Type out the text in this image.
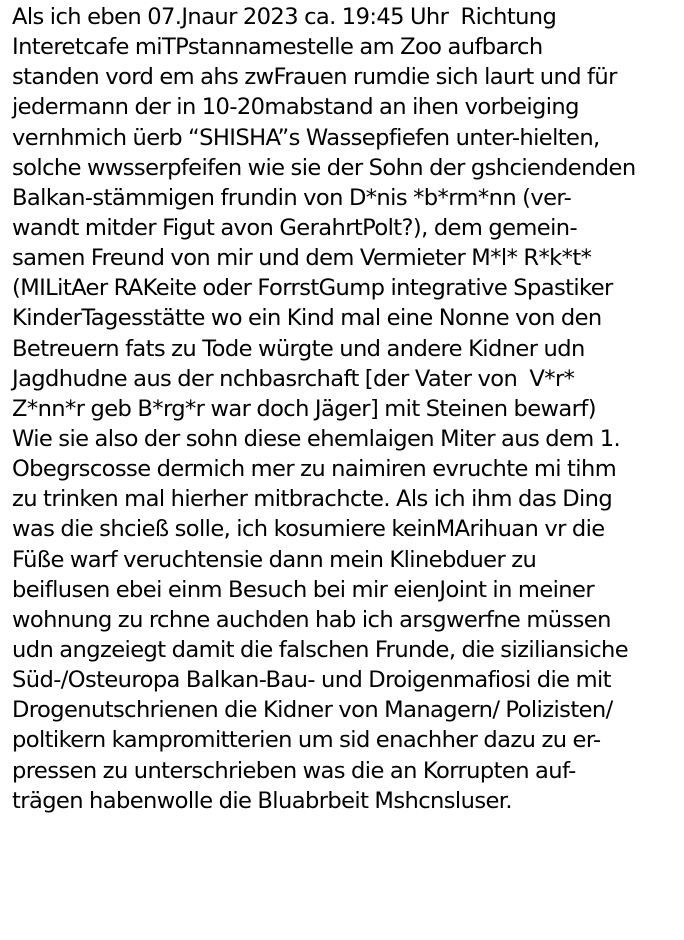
Als ich eben 07.Jnaur 2023 ca. 19:45 Uhr  Richtung
Interetcafe miTPstannamestelle am Zoo aufbarch
standen vord em ahs zwFrauen rumdie sich laurt und für
jedermann der in 10-20mabstand an ihen vorbeiging
vernhmich üerb “SHISHA”s Wassepfiefen unter-hielten,
solche wwsserpfeifen wie sie der Sohn der gshciendenden
Balkan-stämmigen frundin von D*nis *b*rm*nn (ver-
wandt mitder Figut avon GerahrtPolt?), dem gemein-
samen Freund von mir und dem Vermieter M*l* R*k*t*
(MILitAer RAKeite oder ForrstGump integrative Spastiker
KinderTagesstätte wo ein Kind mal eine Nonne von den
Betreuern fats zu Tode würgte und andere Kidner udn
Jagdhudne aus der nchbasrchaft [der Vater von  V*r*
Z*nn*r geb B*rg*r war doch Jäger] mit Steinen bewarf)
Wie sie also der sohn diese ehemlaigen Miter aus dem 1.
Obegrscosse dermich mer zu naimiren evruchte mi tihm
zu trinken mal hierher mitbrachcte. Als ich ihm das Ding
was die shcieß solle, ich kosumiere keinMArihuan vr die
Füße warf veruchtensie dann mein Klinebduer zu
beiflusen ebei einm Besuch bei mir eienJoint in meiner
wohnung zu rchne auchden hab ich arsgwerfne müssen
udn angzeiegt damit die falschen Frunde, die siziliansiche
Süd-/Osteuropa Balkan-Bau- und Droigenmafiosi die mit
Drogenutschrienen die Kidner von Managern/ Polizisten/
poltikern kampromitterien um sid enachher dazu zu er-
pressen zu unterschrieben was die an Korrupten auf-
trägen habenwolle die Bluabrbeit Mshcnsluser.
